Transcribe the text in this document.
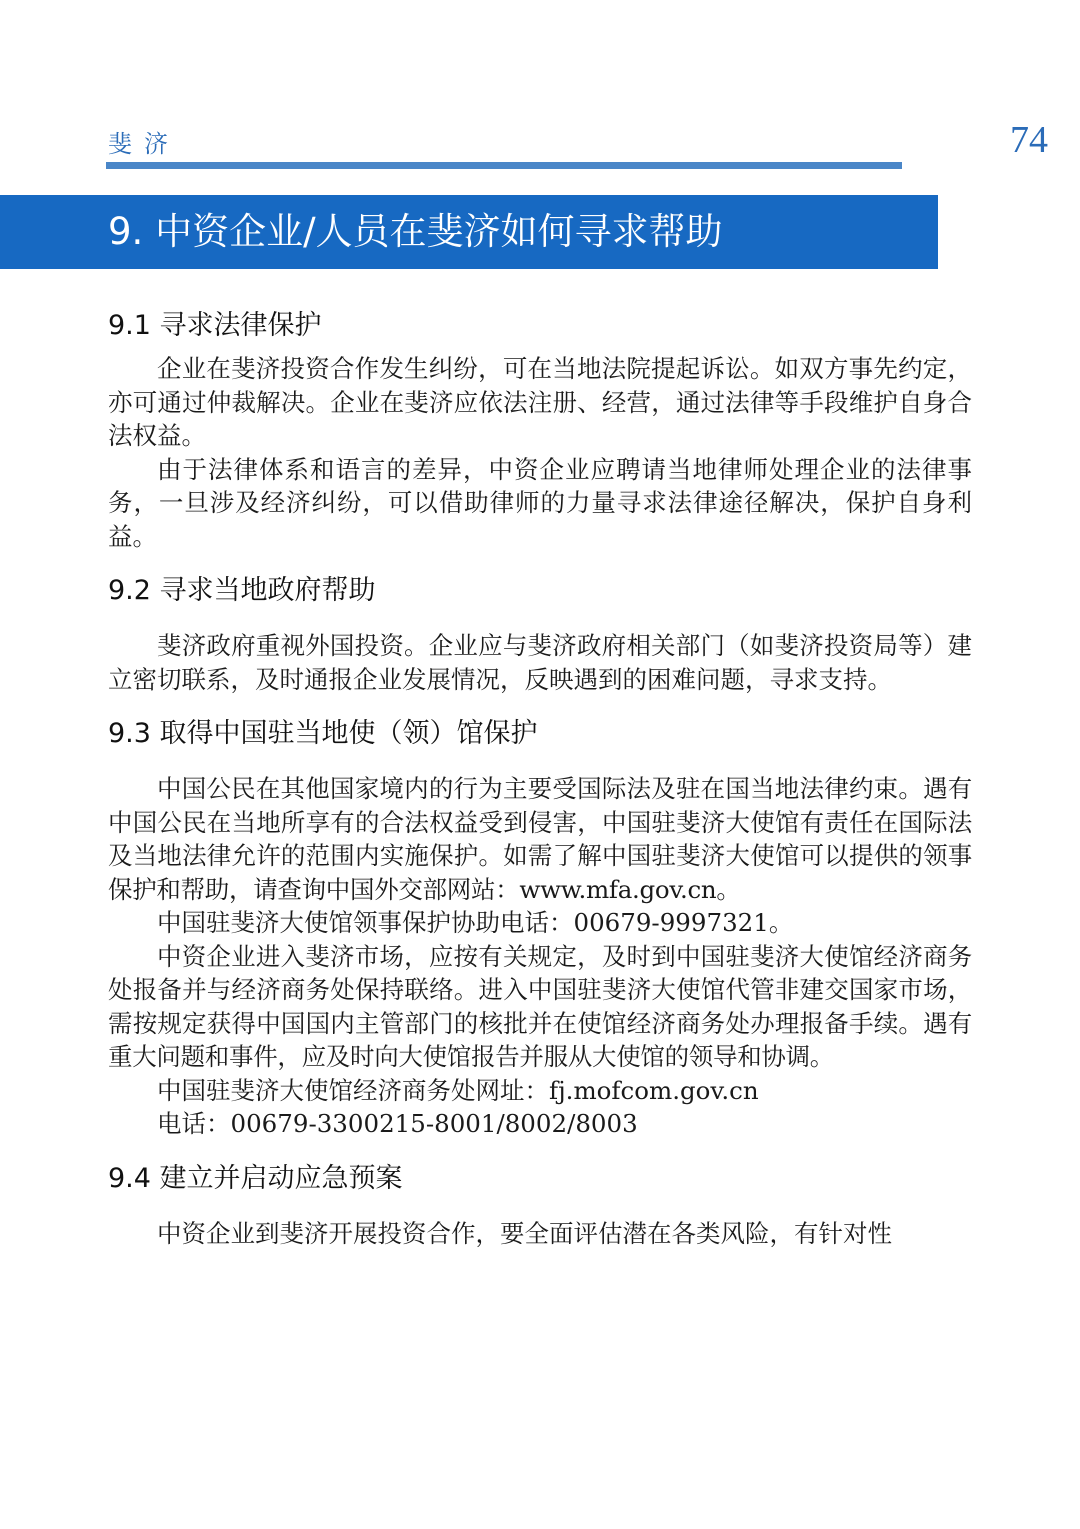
斐济	74
9. 中资企业/人员在斐济如何寻求帮助
9.1 寻求法律保护

企业在斐济投资合作发生纠纷，可在当地法院提起诉讼。如双方事先约定，亦可通过仲裁解决。企业在斐济应依法注册、经营，通过法律等手段维护自身合法权益。

由于法律体系和语言的差异，中资企业应聘请当地律师处理企业的法律事务，一旦涉及经济纠纷，可以借助律师的力量寻求法律途径解决，保护自身利益。

9.2 寻求当地政府帮助

斐济政府重视外国投资。企业应与斐济政府相关部门（如斐济投资局等）建立密切联系，及时通报企业发展情况，反映遇到的困难问题，寻求支持。

9.3 取得中国驻当地使（领）馆保护

中国公民在其他国家境内的行为主要受国际法及驻在国当地法律约束。遇有中国公民在当地所享有的合法权益受到侵害，中国驻斐济大使馆有责任在国际法及当地法律允许的范围内实施保护。如需了解中国驻斐济大使馆可以提供的领事保护和帮助，请查询中国外交部网站：www.mfa.gov.cn。

中国驻斐济大使馆领事保护协助电话：00679-9997321。

中资企业进入斐济市场，应按有关规定，及时到中国驻斐济大使馆经济商务处报备并与经济商务处保持联络。进入中国驻斐济大使馆代管非建交国家市场，需按规定获得中国国内主管部门的核批并在使馆经济商务处办理报备手续。遇有重大问题和事件，应及时向大使馆报告并服从大使馆的领导和协调。

中国驻斐济大使馆经济商务处网址：fj.mofcom.gov.cn

电话：00679-3300215-8001/8002/8003

9.4 建立并启动应急预案

中资企业到斐济开展投资合作，要全面评估潜在各类风险，有针对性
